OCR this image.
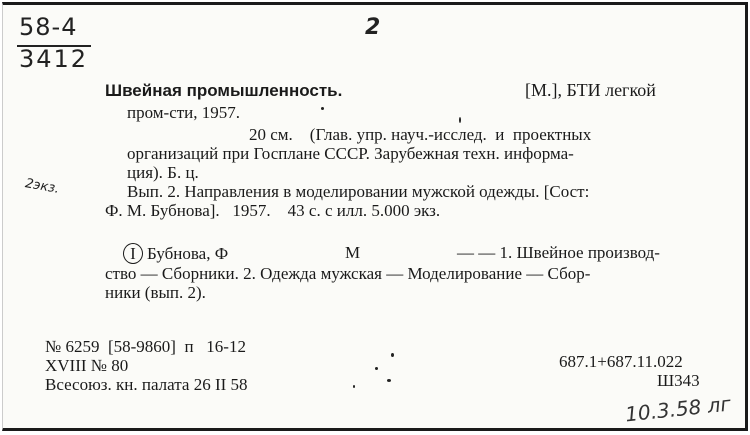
58-4
3412
2
2экз.
Швейная промышленность.	[М.], БТИ легкой
пром-сти, 1957.
20 см.    (Глав. упр. науч.-исслед.  и  проектных
организаций при Госплане СССР. Зарубежная техн. информа-
ция). Б. ц.
Вып. 2. Направления в моделировании мужской одежды. [Сост:
Ф. М. Бубнова].   1957.    43 с. с илл. 5.000 экз.
I Бубнова, Ф	М	— — 1. Швейное производ-
ство — Сборники. 2. Одежда мужская — Моделирование — Сбор-
ники (вып. 2).
№ 6259  [58-9860]  п   16-12
XVIII № 80
Всесоюз. кн. палата 26 II 58
687.1+687.11.022
Ш343
10.3.58 лг
